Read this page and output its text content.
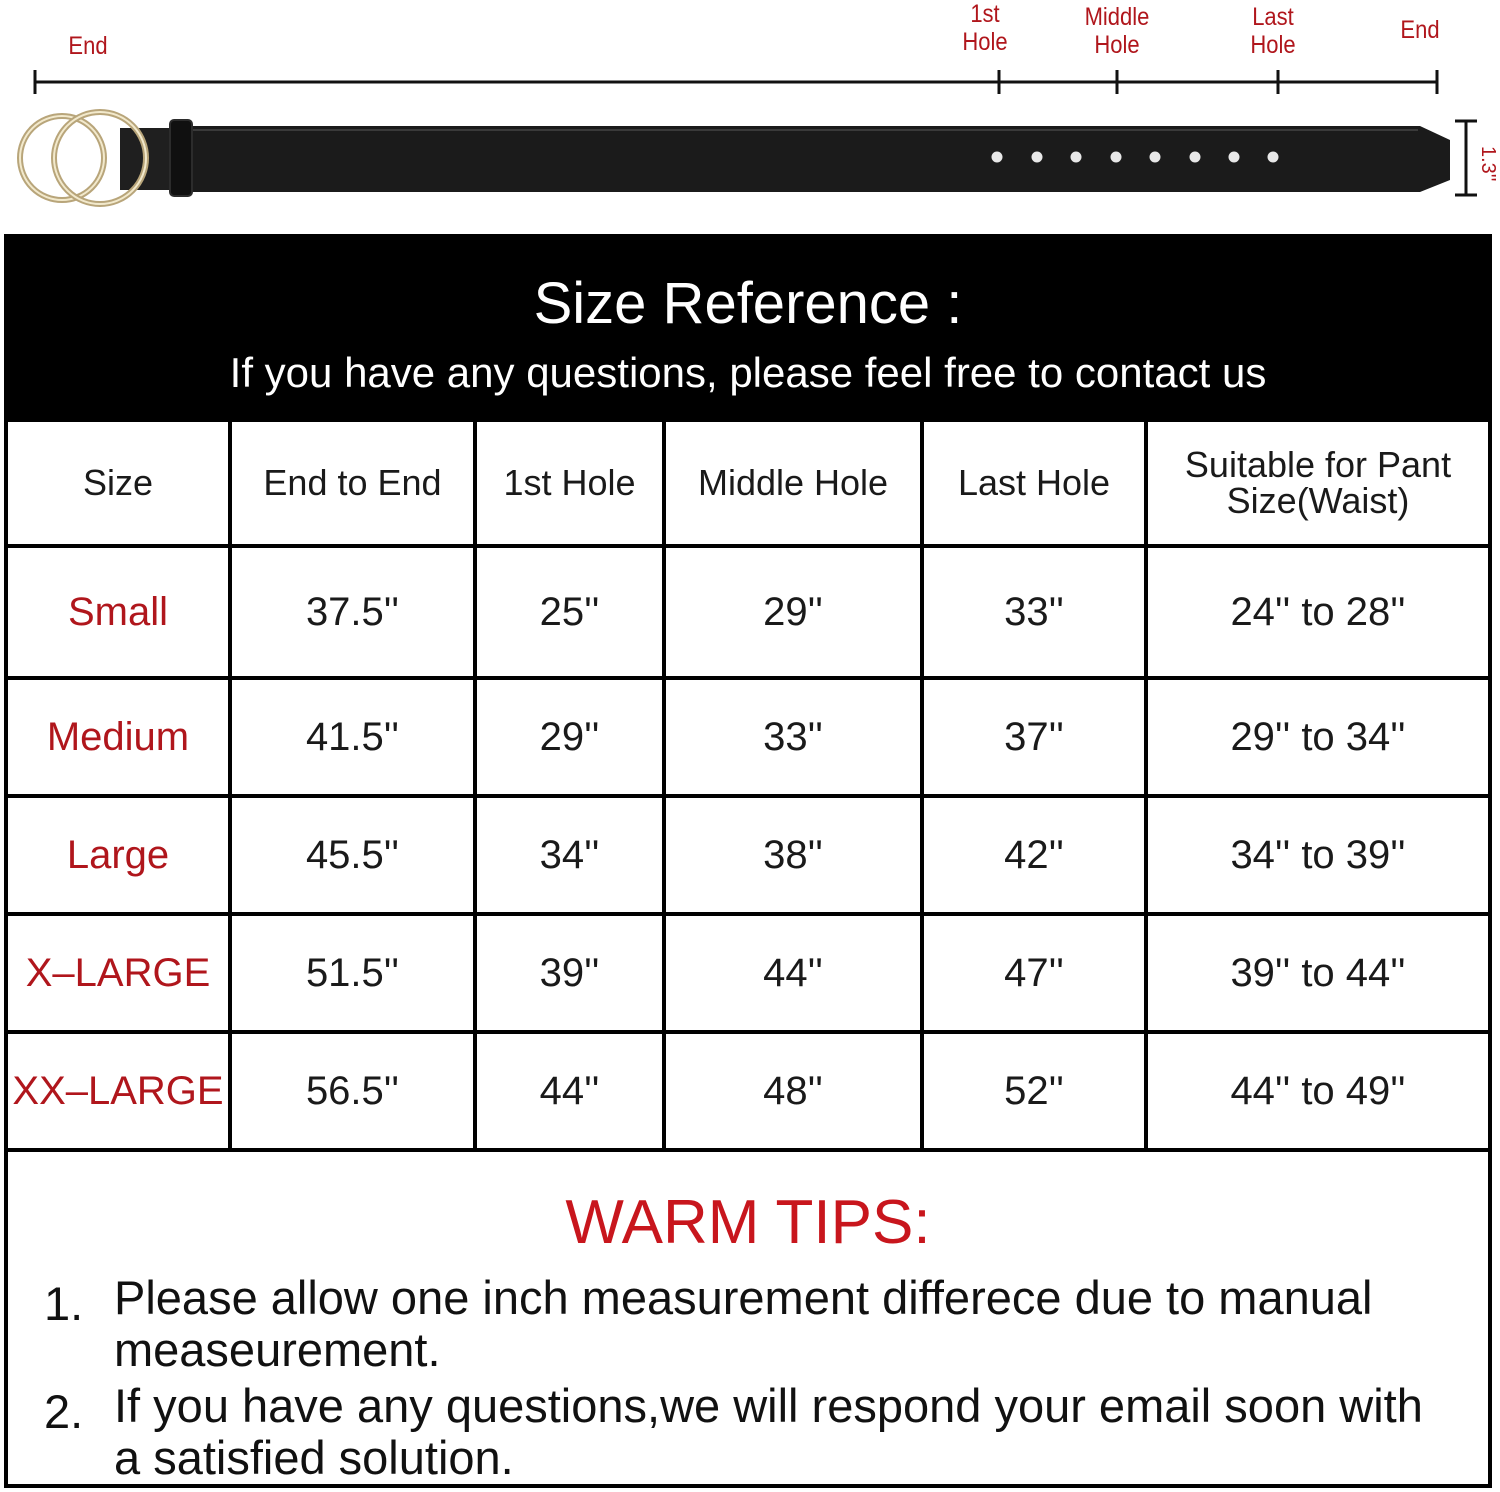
1.3''
End
1st
Hole
Middle
Hole
Last
Hole
End
Size Reference :
If you have any questions, please feel free to contact us
Size	End to End	1st Hole	Middle Hole	Last Hole	Suitable for Pant
Size(Waist)
Small	37.5''	25''	29''	33''	24'' to 28''
Medium	41.5''	29''	33''	37''	29'' to 34''
Large	45.5''	34''	38''	42''	34'' to 39''
X–LARGE	51.5''	39''	44''	47''	39'' to 44''
XX–LARGE	56.5''	44''	48''	52''	44'' to 49''
WARM TIPS:
1. Please allow one inch measurement differece due to manual measeurement.
2. If you have any questions,we will respond your email soon with a satisfied solution.
